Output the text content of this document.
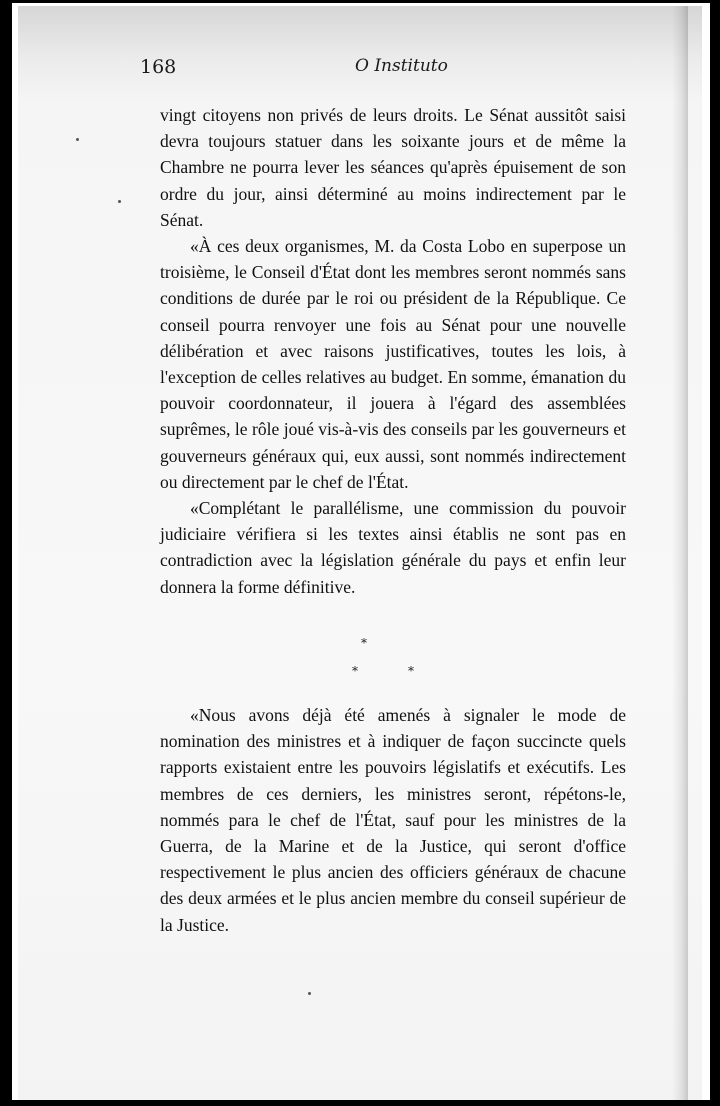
168	O Instituto

vingt citoyens non privés de leurs droits. Le Sénat aussitôt saisi devra toujours statuer dans les soixante jours et de même la Chambre ne pourra lever les séances qu'après épuisement de son ordre du jour, ainsi déterminé au moins indirectement par le Sénat.

«À ces deux organismes, M. da Costa Lobo en superpose un troisième, le Conseil d'État dont les membres seront nommés sans conditions de durée par le roi ou président de la République. Ce conseil pourra renvoyer une fois au Sénat pour une nouvelle délibération et avec raisons justificatives, toutes les lois, à l'exception de celles relatives au budget. En somme, émanation du pouvoir coordonnateur, il jouera à l'égard des assemblées suprêmes, le rôle joué vis-à-vis des conseils par les gouverneurs et gouverneurs généraux qui, eux aussi, sont nommés indirectement ou directement par le chef de l'État.

«Complétant le parallélisme, une commission du pouvoir judiciaire vérifiera si les textes ainsi établis ne sont pas en contradiction avec la législation générale du pays et enfin leur donnera la forme définitive.

*
*	*

«Nous avons déjà été amenés à signaler le mode de nomination des ministres et à indiquer de façon succincte quels rapports existaient entre les pouvoirs législatifs et exécutifs. Les membres de ces derniers, les ministres seront, répétons-le, nommés para le chef de l'État, sauf pour les ministres de la Guerra, de la Marine et de la Justice, qui seront d'office respectivement le plus ancien des officiers généraux de chacune des deux armées et le plus ancien membre du conseil supérieur de la Justice.
